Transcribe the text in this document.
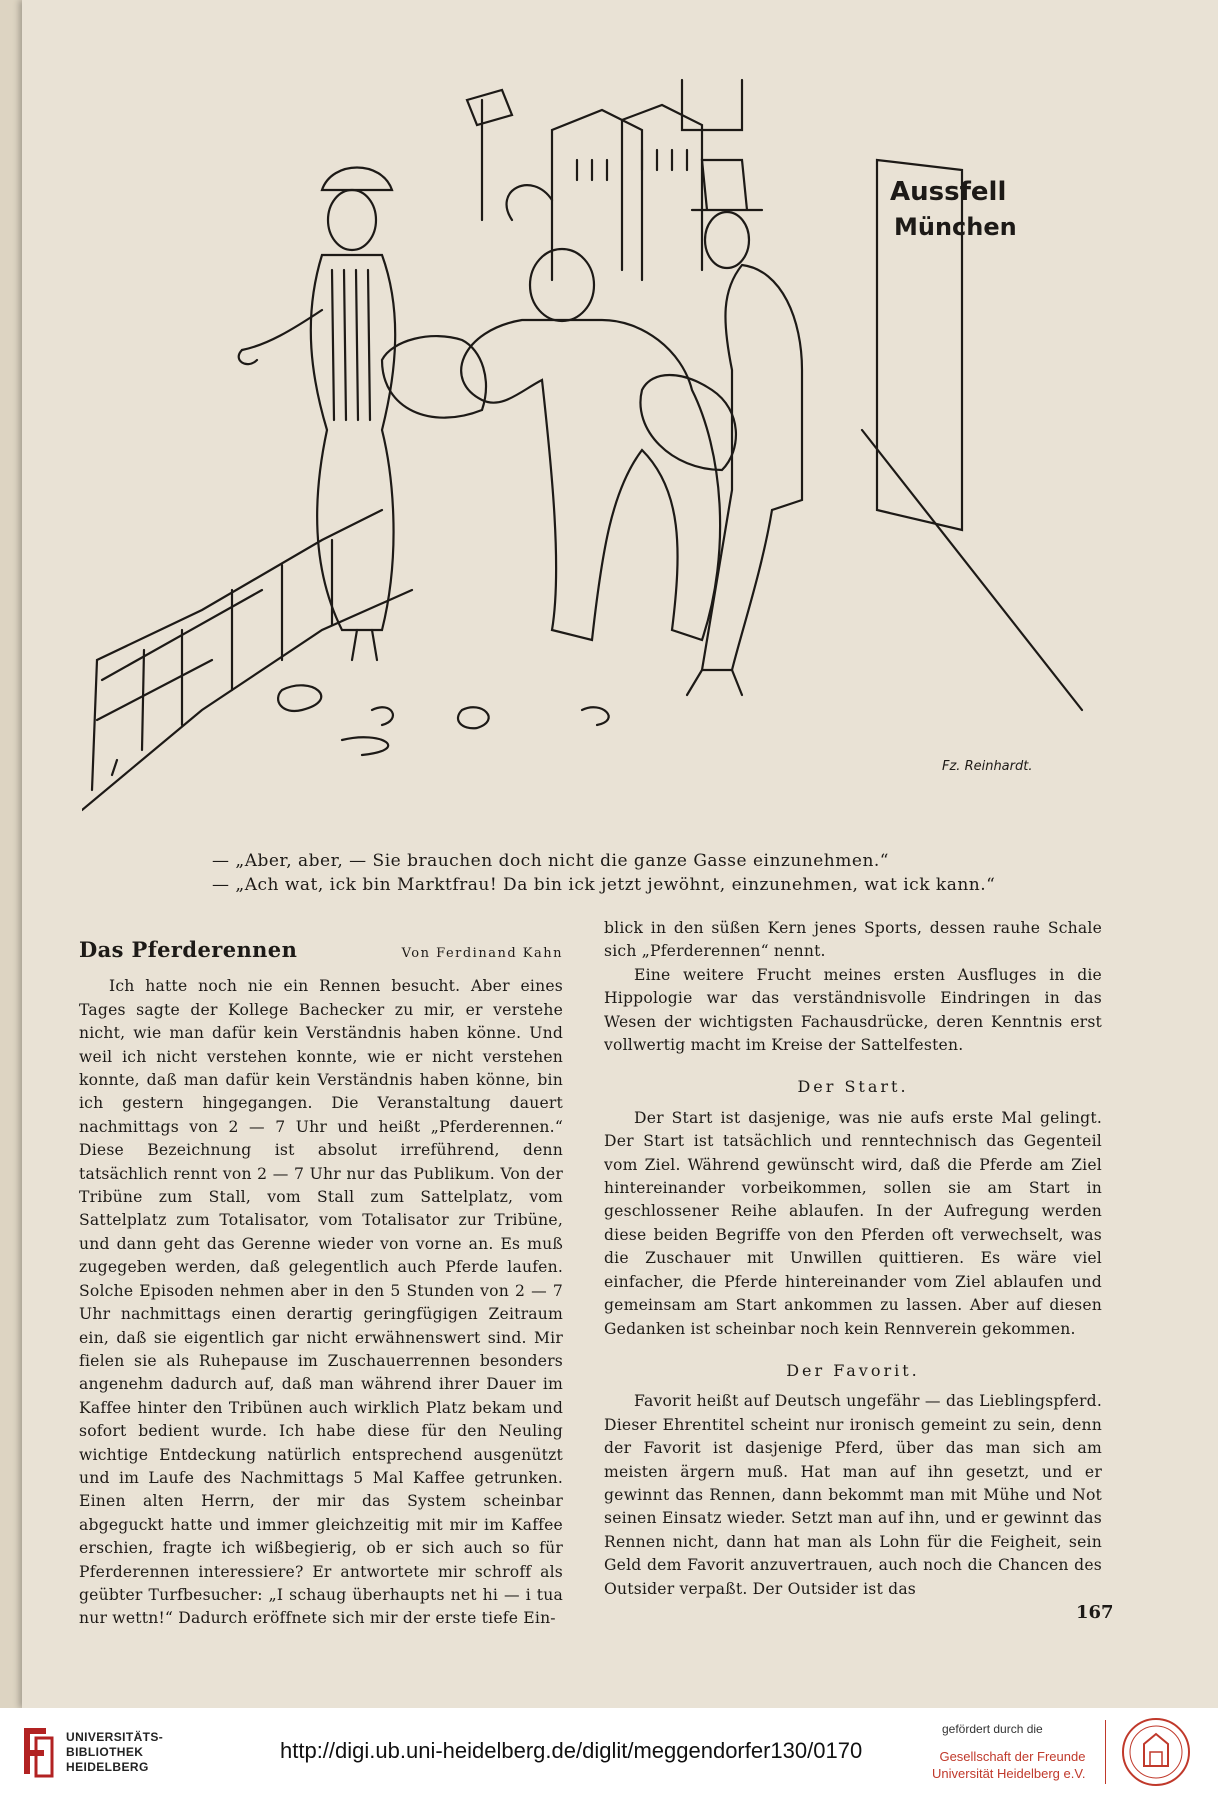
Aussfell
München
Fz. Reinhardt.
— „Aber, aber, — Sie brauchen doch nicht die ganze Gasse einzunehmen.“
— „Ach wat, ick bin Marktfrau! Da bin ick jetzt jewöhnt, einzunehmen, wat ick kann.“
Das Pferderennen	Von Ferdinand Kahn

Ich hatte noch nie ein Rennen besucht. Aber eines Tages sagte der Kollege Bachecker zu mir, er verstehe nicht, wie man dafür kein Verständnis haben könne. Und weil ich nicht verstehen konnte, wie er nicht verstehen konnte, daß man dafür kein Verständnis haben könne, bin ich gestern hingegangen. Die Veranstaltung dauert nachmittags von 2 — 7 Uhr und heißt „Pferderennen.“ Diese Bezeichnung ist absolut irreführend, denn tatsächlich rennt von 2 — 7 Uhr nur das Publikum. Von der Tribüne zum Stall, vom Stall zum Sattelplatz, vom Sattelplatz zum Totalisator, vom Totalisator zur Tribüne, und dann geht das Gerenne wieder von vorne an. Es muß zugegeben werden, daß gelegentlich auch Pferde laufen. Solche Episoden nehmen aber in den 5 Stunden von 2 — 7 Uhr nachmittags einen derartig geringfügigen Zeitraum ein, daß sie eigentlich gar nicht erwähnenswert sind. Mir fielen sie als Ruhepause im Zuschauerrennen besonders angenehm dadurch auf, daß man während ihrer Dauer im Kaffee hinter den Tribünen auch wirklich Platz bekam und sofort bedient wurde. Ich habe diese für den Neuling wichtige Entdeckung natürlich entsprechend ausgenützt und im Laufe des Nachmittags 5 Mal Kaffee getrunken. Einen alten Herrn, der mir das System scheinbar abgeguckt hatte und immer gleichzeitig mit mir im Kaffee erschien, fragte ich wißbegierig, ob er sich auch so für Pferderennen interessiere? Er antwortete mir schroff als geübter Turfbesucher: „I schaug überhaupts net hi — i tua nur wettn!“ Dadurch eröffnete sich mir der erste tiefe Ein-

blick in den süßen Kern jenes Sports, dessen rauhe Schale sich „Pferderennen“ nennt.

Eine weitere Frucht meines ersten Ausfluges in die Hippologie war das verständnisvolle Eindringen in das Wesen der wichtigsten Fachausdrücke, deren Kenntnis erst vollwertig macht im Kreise der Sattelfesten.

Der Start.

Der Start ist dasjenige, was nie aufs erste Mal gelingt. Der Start ist tatsächlich und renntechnisch das Gegenteil vom Ziel. Während gewünscht wird, daß die Pferde am Ziel hintereinander vorbeikommen, sollen sie am Start in geschlossener Reihe ablaufen. In der Aufregung werden diese beiden Begriffe von den Pferden oft verwechselt, was die Zuschauer mit Unwillen quittieren. Es wäre viel einfacher, die Pferde hintereinander vom Ziel ablaufen und gemeinsam am Start ankommen zu lassen. Aber auf diesen Gedanken ist scheinbar noch kein Rennverein gekommen.

Der Favorit.

Favorit heißt auf Deutsch ungefähr — das Lieblingspferd. Dieser Ehrentitel scheint nur ironisch gemeint zu sein, denn der Favorit ist dasjenige Pferd, über das man sich am meisten ärgern muß. Hat man auf ihn gesetzt, und er gewinnt das Rennen, dann bekommt man mit Mühe und Not seinen Einsatz wieder. Setzt man auf ihn, und er gewinnt das Rennen nicht, dann hat man als Lohn für die Feigheit, sein Geld dem Favorit anzuvertrauen, auch noch die Chancen des Outsider verpaßt. Der Outsider ist das

167
UNIVERSITÄTS-
BIBLIOTHEK
HEIDELBERG
http://digi.ub.uni-heidelberg.de/diglit/meggendorfer130/0170
gefördert durch die
Gesellschaft der Freunde
Universität Heidelberg e.V.
